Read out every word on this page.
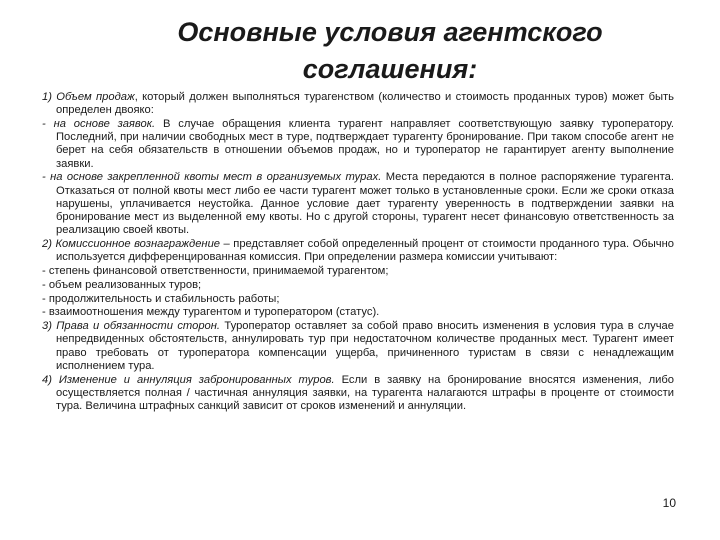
Основные условия агентского
соглашения:

1) Объем продаж, который должен выполняться турагенством (количество и стоимость проданных туров) может быть определен двояко:

- на основе заявок. В случае обращения клиента турагент направляет соответствующую заявку туроператору. Последний, при наличии свободных мест в туре, подтверждает турагенту бронирование. При таком способе агент не берет на себя обязательств в отношении объемов продаж, но и туроператор не гарантирует агенту выполнение заявки.

- на основе закрепленной квоты мест в организуемых турах. Места передаются в полное распоряжение турагента. Отказаться от полной квоты мест либо ее части турагент может только в установленные сроки. Если же сроки отказа нарушены, уплачивается неустойка. Данное условие дает турагенту уверенность в подтверждении заявки на бронирование мест из выделенной ему квоты. Но с другой стороны, турагент несет финансовую ответственность за реализацию своей квоты.

2) Комиссионное вознаграждение – представляет собой определенный процент от стоимости проданного тура. Обычно используется дифференцированная комиссия. При определении размера комиссии учитывают:

- степень финансовой ответственности, принимаемой турагентом;

- объем реализованных туров;

- продолжительность и стабильность работы;

- взаимоотношения между турагентом и туроператором (статус).

3) Права и обязанности сторон. Туроператор оставляет за собой право вносить изменения в условия тура в случае непредвиденных обстоятельств, аннулировать тур при недостаточном количестве проданных мест. Турагент имеет право требовать от туроператора компенсации ущерба, причиненного туристам в связи с ненадлежащим исполнением тура.

4) Изменение и аннуляция забронированных туров. Если в заявку на бронирование вносятся изменения, либо осуществляется полная / частичная аннуляция заявки, на турагента налагаются штрафы в проценте от стоимости тура. Величина штрафных санкций зависит от сроков изменений и аннуляции.

10
